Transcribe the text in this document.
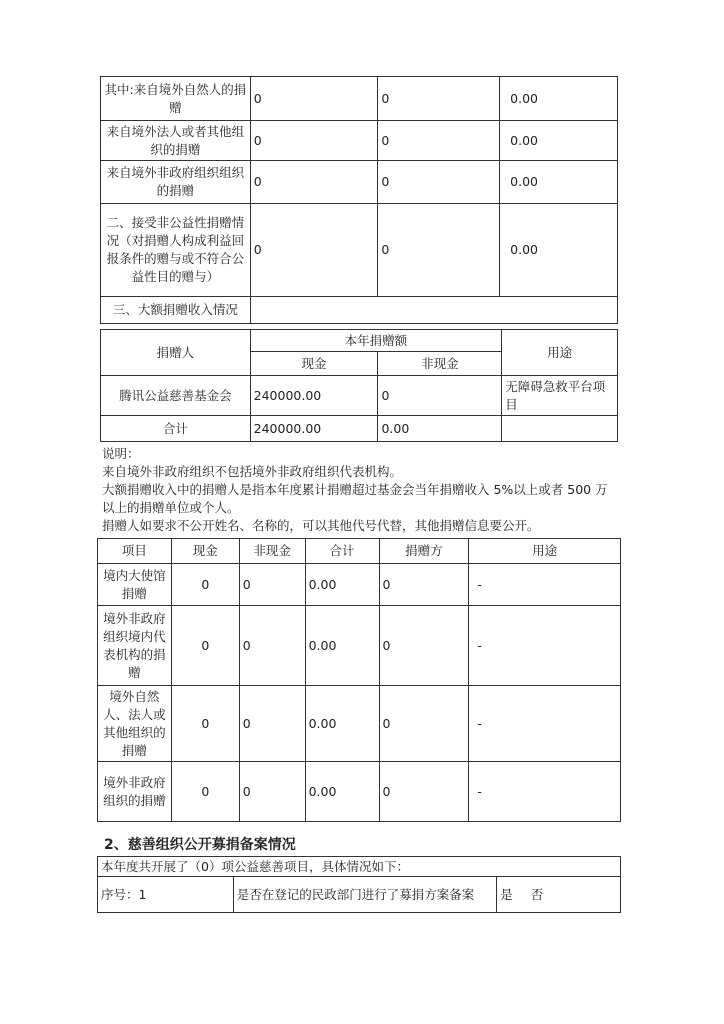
其中:来自境外自然人的捐赠	0	0	0.00
来自境外法人或者其他组织的捐赠	0	0	0.00
来自境外非政府组织组织的捐赠	0	0	0.00
二、接受非公益性捐赠情况（对捐赠人构成利益回报条件的赠与或不符合公益性目的赠与）	0	0	0.00
三、大额捐赠收入情况			
捐赠人	本年捐赠额		用途
	现金	非现金	
腾讯公益慈善基金会	240000.00	0	无障碍急救平台项目
合计	240000.00	0.00	
说明：
来自境外非政府组织不包括境外非政府组织代表机构。
大额捐赠收入中的捐赠人是指本年度累计捐赠超过基金会当年捐赠收入 5%以上或者 500 万
以上的捐赠单位或个人。
捐赠人如要求不公开姓名、名称的，可以其他代号代替，其他捐赠信息要公开。
项目	现金	非现金	合计	捐赠方	用途
境内大使馆捐赠	0	0	0.00	0	-
境外非政府组织境内代表机构的捐赠	0	0	0.00	0	-
境外自然人、法人或其他组织的捐赠	0	0	0.00	0	-
境外非政府组织的捐赠	0	0	0.00	0	-
2、慈善组织公开募捐备案情况
本年度共开展了（0）项公益慈善项目，具体情况如下：
序号：1	是否在登记的民政部门进行了募捐方案备案	是 否
